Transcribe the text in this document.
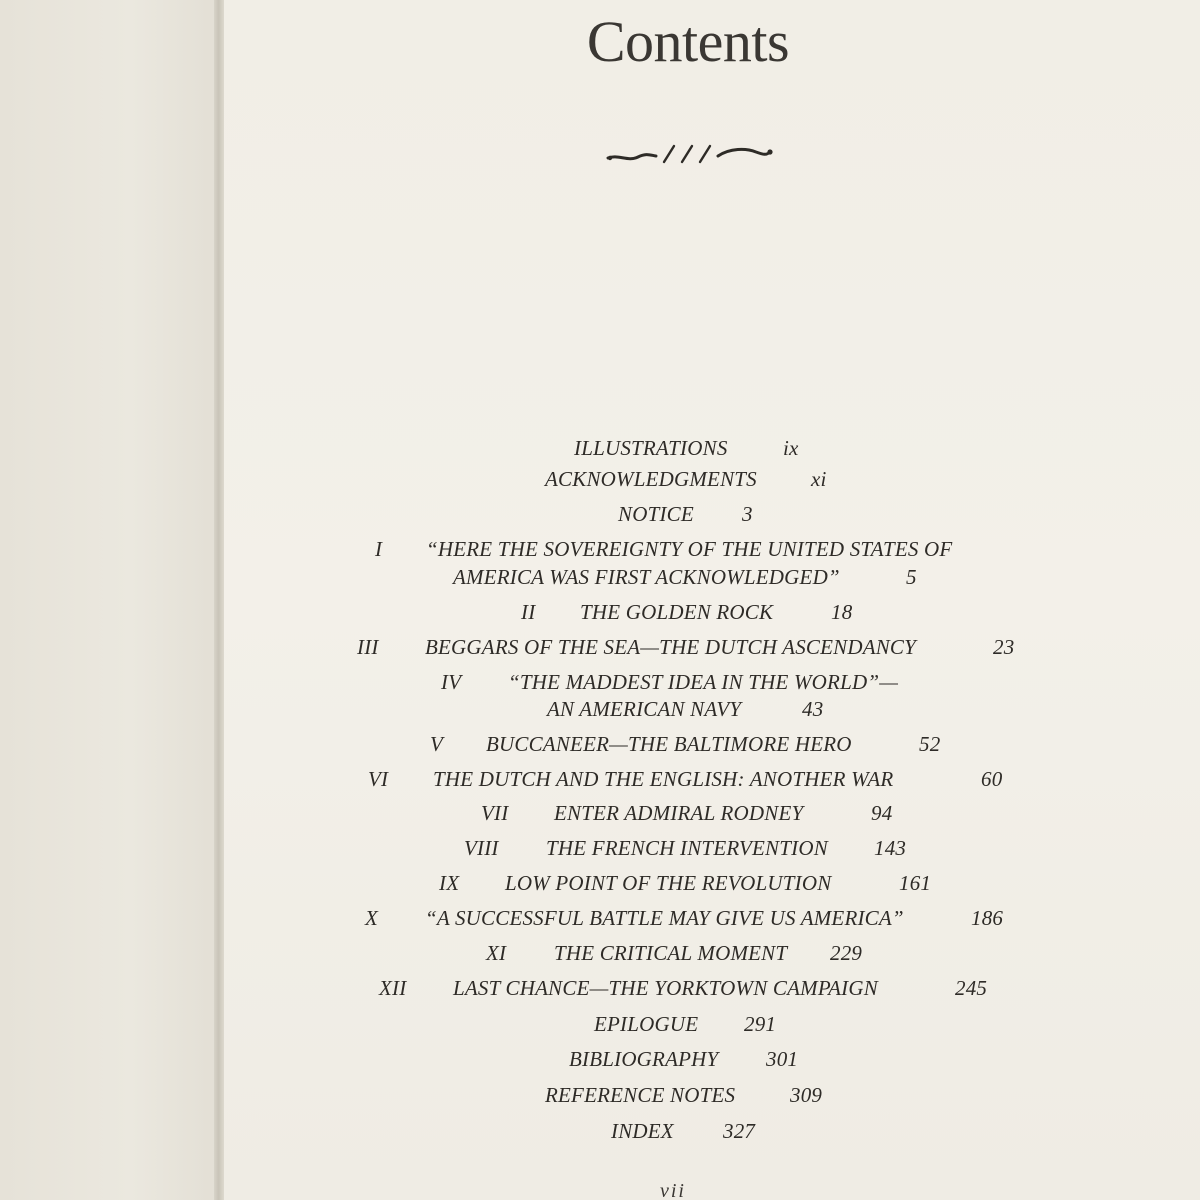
Contents
ILLUSTRATIONS	ix
ACKNOWLEDGMENTS	xi
NOTICE 3
I “HERE THE SOVEREIGNTY OF THE UNITED STATES OF
AMERICA WAS FIRST ACKNOWLEDGED”	5
II THE GOLDEN ROCK	18
III BEGGARS OF THE SEA—THE DUTCH ASCENDANCY	23
IV “THE MADDEST IDEA IN THE WORLD”—
AN AMERICAN NAVY	43
V BUCCANEER—THE BALTIMORE HERO	52
VI THE DUTCH AND THE ENGLISH: ANOTHER WAR	60
VII ENTER ADMIRAL RODNEY	94
VIII THE FRENCH INTERVENTION 143
IX LOW POINT OF THE REVOLUTION	161
X “A SUCCESSFUL BATTLE MAY GIVE US AMERICA”	186
XI THE CRITICAL MOMENT 229
XII LAST CHANCE—THE YORKTOWN CAMPAIGN	245
EPILOGUE 291
BIBLIOGRAPHY 301
REFERENCE NOTES	309
INDEX 327
vii
